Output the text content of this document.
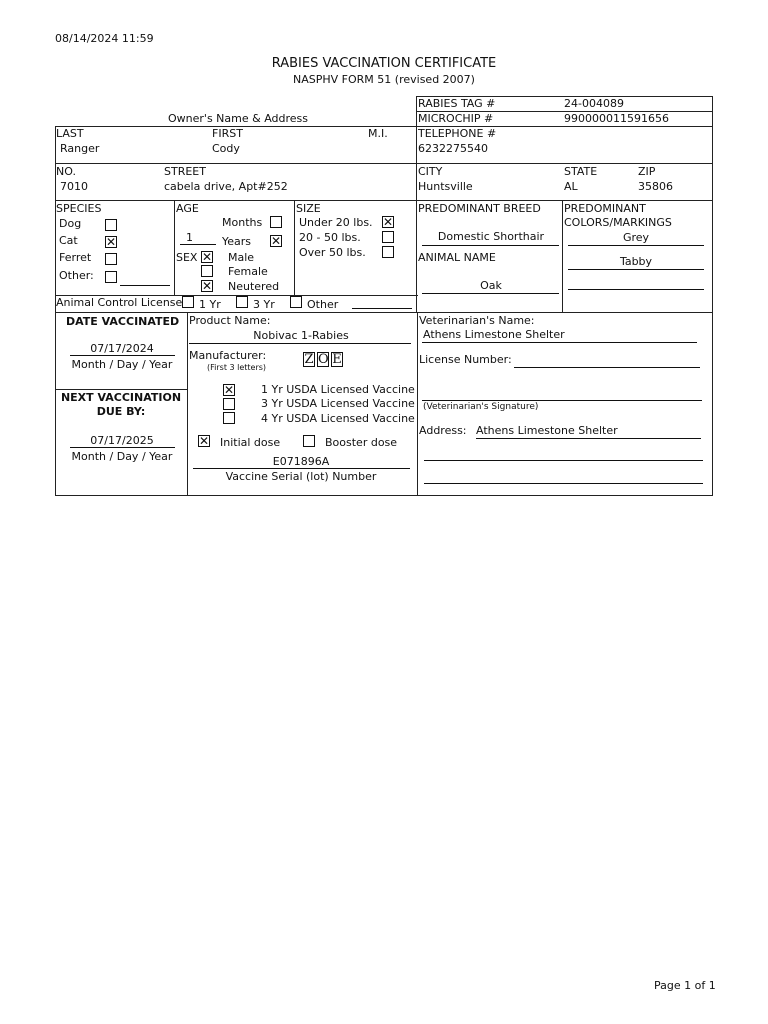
08/14/2024 11:59
RABIES VACCINATION CERTIFICATE
NASPHV FORM 51 (revised 2007)
RABIES TAG #	24-004089
MICROCHIP #	990000011591656
Owner's Name & Address
LAST
Ranger
FIRST
Cody
M.I.	TELEPHONE #
6232275540
NO.
7010
STREET
cabela drive, Apt#252
CITY
Huntsville
STATE
AL
ZIP
35806
SPECIES
Dog
Cat
✕
Ferret
Other:
AGE
Months
1	Years
✕
SEX
✕	Male
Female
✕
Neutered
SIZE
Under 20 lbs.
✕
20 - 50 lbs.
Over 50 lbs.
PREDOMINANT BREED
Domestic Shorthair
ANIMAL NAME
Oak
PREDOMINANT
COLORS/MARKINGS
Grey
Tabby
Animal Control License 1 Yr	3 Yr	Other
DATE VACCINATED
07/17/2024
Month / Day / Year
NEXT VACCINATION
DUE BY:
07/17/2025
Month / Day / Year
Product Name:
Nobivac 1-Rabies
Manufacturer:
(First 3 letters)
Z O E
✕
1 Yr USDA Licensed Vaccine
3 Yr USDA Licensed Vaccine
4 Yr USDA Licensed Vaccine
✕
Initial dose	Booster dose
E071896A
Vaccine Serial (lot) Number
Veterinarian's Name:
Athens Limestone Shelter
License Number:
(Veterinarian's Signature)
Address: Athens Limestone Shelter
Page 1 of 1
